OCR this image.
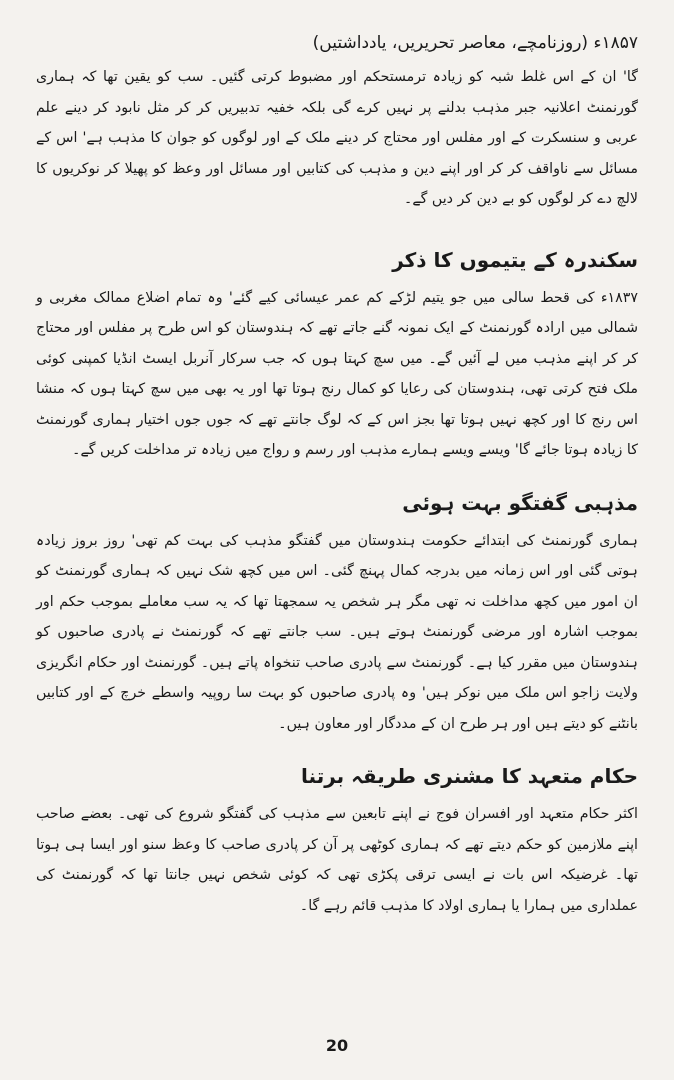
۱۸۵۷ء (روزنامچے، معاصر تحریریں، یادداشتیں)

گا' ان کے اس غلط شبہ کو زیادہ ترمستحکم اور مضبوط کرتی گئیں۔ سب کو یقین تھا کہ ہماری گورنمنٹ اعلانیہ جبر مذہب بدلنے پر نہیں کرے گی بلکہ خفیہ تدبیریں کر کر مثل نابود کر دینے علم عربی و سنسکرت کے اور مفلس اور محتاج کر دینے ملک کے اور لوگوں کو جوان کا مذہب ہے' اس کے مسائل سے ناواقف کر کر اور اپنے دین و مذہب کی کتابیں اور مسائل اور وعظ کو پھیلا کر نوکریوں کا لالچ دے کر لوگوں کو بے دین کر دیں گے۔

سکندرہ کے یتیموں کا ذکر

۱۸۳۷ء کی قحط سالی میں جو یتیم لڑکے کم عمر عیسائی کیے گئے' وہ تمام اضلاع ممالک مغربی و شمالی میں ارادہ گورنمنٹ کے ایک نمونہ گنے جاتے تھے کہ ہندوستان کو اس طرح پر مفلس اور محتاج کر کر اپنے مذہب میں لے آئیں گے۔ میں سچ کہتا ہوں کہ جب سرکار آنربل ایسٹ انڈیا کمپنی کوئی ملک فتح کرتی تھی، ہندوستان کی رعایا کو کمال رنج ہوتا تھا اور یہ بھی میں سچ کہتا ہوں کہ منشا اس رنج کا اور کچھ نہیں ہوتا تھا بجز اس کے کہ لوگ جانتے تھے کہ جوں جوں اختیار ہماری گورنمنٹ کا زیادہ ہوتا جائے گا' ویسے ویسے ہمارے مذہب اور رسم و رواج میں زیادہ تر مداخلت کریں گے۔

مذہبی گفتگو بہت ہوئی

ہماری گورنمنٹ کی ابتدائے حکومت ہندوستان میں گفتگو مذہب کی بہت کم تھی' روز بروز زیادہ ہوتی گئی اور اس زمانہ میں بدرجہ کمال پہنچ گئی۔ اس میں کچھ شک نہیں کہ ہماری گورنمنٹ کو ان امور میں کچھ مداخلت نہ تھی مگر ہر شخص یہ سمجھتا تھا کہ یہ سب معاملے بموجب حکم اور بموجب اشارہ اور مرضی گورنمنٹ ہوتے ہیں۔ سب جانتے تھے کہ گورنمنٹ نے پادری صاحبوں کو ہندوستان میں مقرر کیا ہے۔ گورنمنٹ سے پادری صاحب تنخواہ پاتے ہیں۔ گورنمنٹ اور حکام انگریزی ولایت زاجو اس ملک میں نوکر ہیں' وہ پادری صاحبوں کو بہت سا روپیہ واسطے خرچ کے اور کتابیں بانٹنے کو دیتے ہیں اور ہر طرح ان کے مددگار اور معاون ہیں۔

حکام متعہد کا مشنری طریقہ برتنا

اکثر حکام متعہد اور افسران فوج نے اپنے تابعین سے مذہب کی گفتگو شروع کی تھی۔ بعضے صاحب اپنے ملازمین کو حکم دیتے تھے کہ ہماری کوٹھی پر آن کر پادری صاحب کا وعظ سنو اور ایسا ہی ہوتا تھا۔ غرضیکہ اس بات نے ایسی ترقی پکڑی تھی کہ کوئی شخص نہیں جانتا تھا کہ گورنمنٹ کی عملداری میں ہمارا یا ہماری اولاد کا مذہب قائم رہے گا۔

20
